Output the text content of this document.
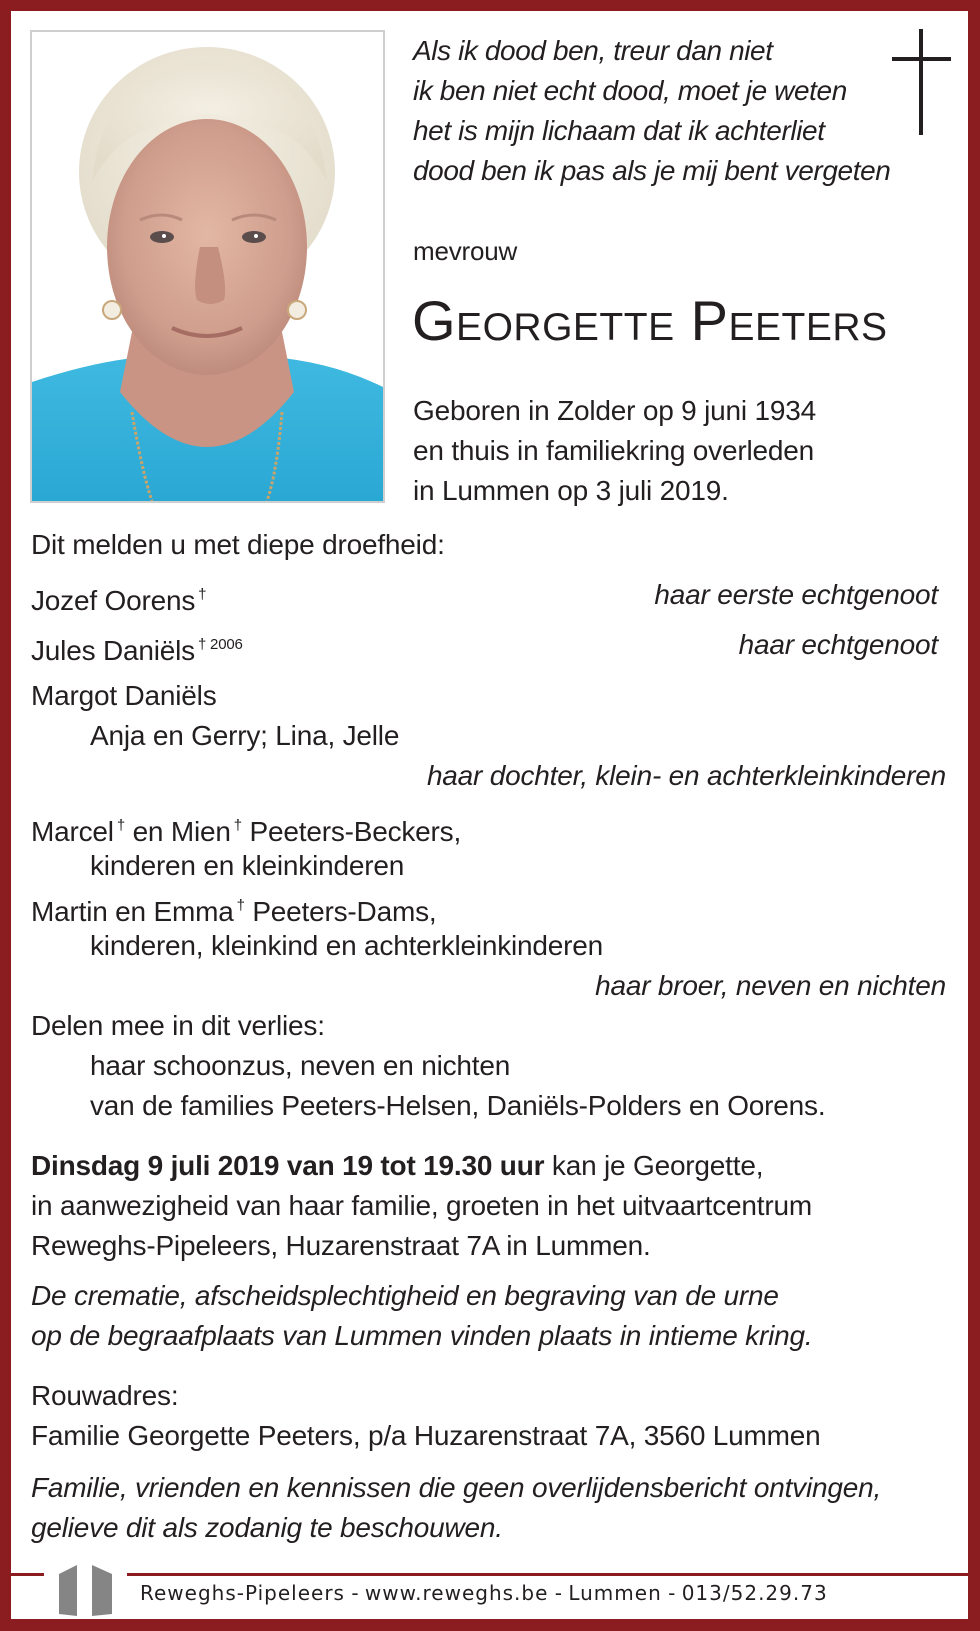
Als ik dood ben, treur dan niet
ik ben niet echt dood, moet je weten
het is mijn lichaam dat ik achterliet
dood ben ik pas als je mij bent vergeten
mevrouw
Georgette Peeters
Geboren in Zolder op 9 juni 1934
en thuis in familiekring overleden
in Lummen op 3 juli 2019.
Dit melden u met diepe droefheid:
Jozef Oorens †	haar eerste echtgenoot
Jules Daniëls $^{\dagger 2006}$	haar echtgenoot
Margot Daniëls
Anja en Gerry; Lina, Jelle
haar dochter, klein- en achterkleinkinderen
Marcel † en Mien † Peeters-Beckers,
kinderen en kleinkinderen
Martin en Emma † Peeters-Dams,
kinderen, kleinkind en achterkleinkinderen
haar broer, neven en nichten
Delen mee in dit verlies:
haar schoonzus, neven en nichten
van de families Peeters-Helsen, Daniëls-Polders en Oorens.
Dinsdag 9 juli 2019 van 19 tot 19.30 uur kan je Georgette,
in aanwezigheid van haar familie, groeten in het uitvaartcentrum
Reweghs-Pipeleers, Huzarenstraat 7A in Lummen.
De crematie, afscheidsplechtigheid en begraving van de urne
op de begraafplaats van Lummen vinden plaats in intieme kring.
Rouwadres:
Familie Georgette Peeters, p/a Huzarenstraat 7A, 3560 Lummen
Familie, vrienden en kennissen die geen overlijdensbericht ontvingen,
gelieve dit als zodanig te beschouwen.
Reweghs-Pipeleers - www.reweghs.be - Lummen - 013/52.29.73
